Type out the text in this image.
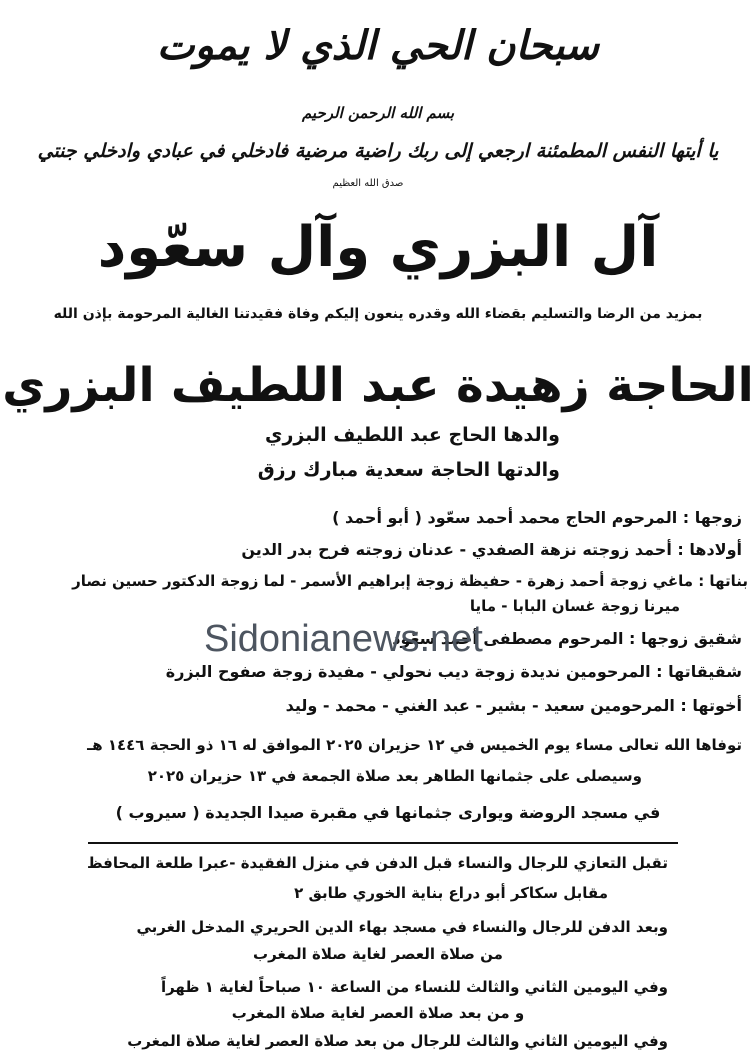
سبحان الحي الذي لا يموت
بسم الله الرحمن الرحيم
يا أيتها النفس المطمئنة ارجعي إلى ربك راضية مرضية فادخلي في عبادي وادخلي جنتي
صدق الله العظيم
آل البزري وآل سعّود
بمزيد من الرضا والتسليم بقضاء الله وقدره ينعون إليكم وفاة فقيدتنا الغالية المرحومة بإذن الله
الحاجة زهيدة عبد اللطيف البزري
والدها الحاج عبد اللطيف البزري
والدتها الحاجة سعدية مبارك رزق
زوجها : المرحوم الحاج محمد أحمد سعّود ( أبو أحمد )
أولادها : أحمد زوجته نزهة الصفدي - عدنان زوجته فرح بدر الدين
بناتها : ماغي زوجة أحمد زهرة - حفيظة زوجة إبراهيم الأسمر - لما زوجة الدكتور حسين نصار
ميرنا زوجة غسان البابا - مايا
شقيق زوجها : المرحوم مصطفى أحمد سعّود
شقيقاتها : المرحومين نديدة زوجة ديب نحولي - مفيدة زوجة صفوح البزرة
أخوتها : المرحومين سعيد - بشير - عبد الغني - محمد - وليد
Sidonianews.net
توفاها الله تعالى مساء يوم الخميس في ١٢ حزيران ٢٠٢٥ الموافق له ١٦ ذو الحجة ١٤٤٦ هـ
وسيصلى على جثمانها الطاهر بعد صلاة الجمعة في ١٣ حزيران ٢٠٢٥
في مسجد الروضة ويوارى جثمانها في مقبرة صيدا الجديدة ( سيروب )
تقبل التعازي للرجال والنساء قبل الدفن في منزل الفقيدة -عبرا طلعة المحافظ
مقابل سكاكر أبو دراع بناية الخوري طابق ٢
وبعد الدفن للرجال والنساء في مسجد بهاء الدين الحريري المدخل الغربي
من صلاة العصر لغاية صلاة المغرب
وفي اليومين الثاني والثالث للنساء من الساعة ١٠ صباحاً لغاية ١ ظهراً
و من بعد صلاة العصر لغاية صلاة المغرب
وفي اليومين الثاني والثالث للرجال من بعد صلاة العصر لغاية صلاة المغرب
